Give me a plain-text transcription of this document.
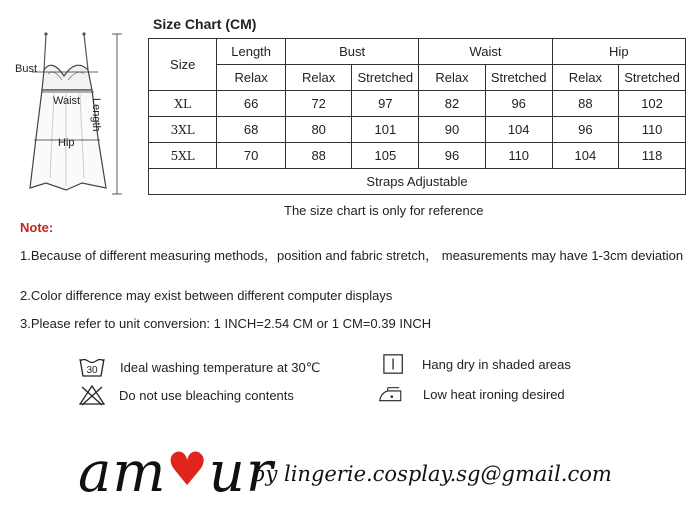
Bust
Waist
Hip
Length
Size Chart (CM)
Size	Length	Bust		Waist		Hip	
	Relax	Relax	Stretched	Relax	Stretched	Relax	Stretched
XL	66	72	97	82	96	88	102
3XL	68	80	101	90	104	96	110
5XL	70	88	105	96	110	104	118
Straps Adjustable							
The size chart is only for reference
Note:
1.Because of different measuring methods，position and fabric stretch， measurements may have 1-3cm deviation
2.Color difference may exist between different computer displays
3.Please refer to unit conversion: 1 INCH=2.54 CM or 1 CM=0.39 INCH
30 Ideal washing temperature at 30℃
Do not use bleaching contents
Hang dry in shaded areas
Low heat ironing desired
am♥ur
by lingerie.cosplay.sg@gmail.com
